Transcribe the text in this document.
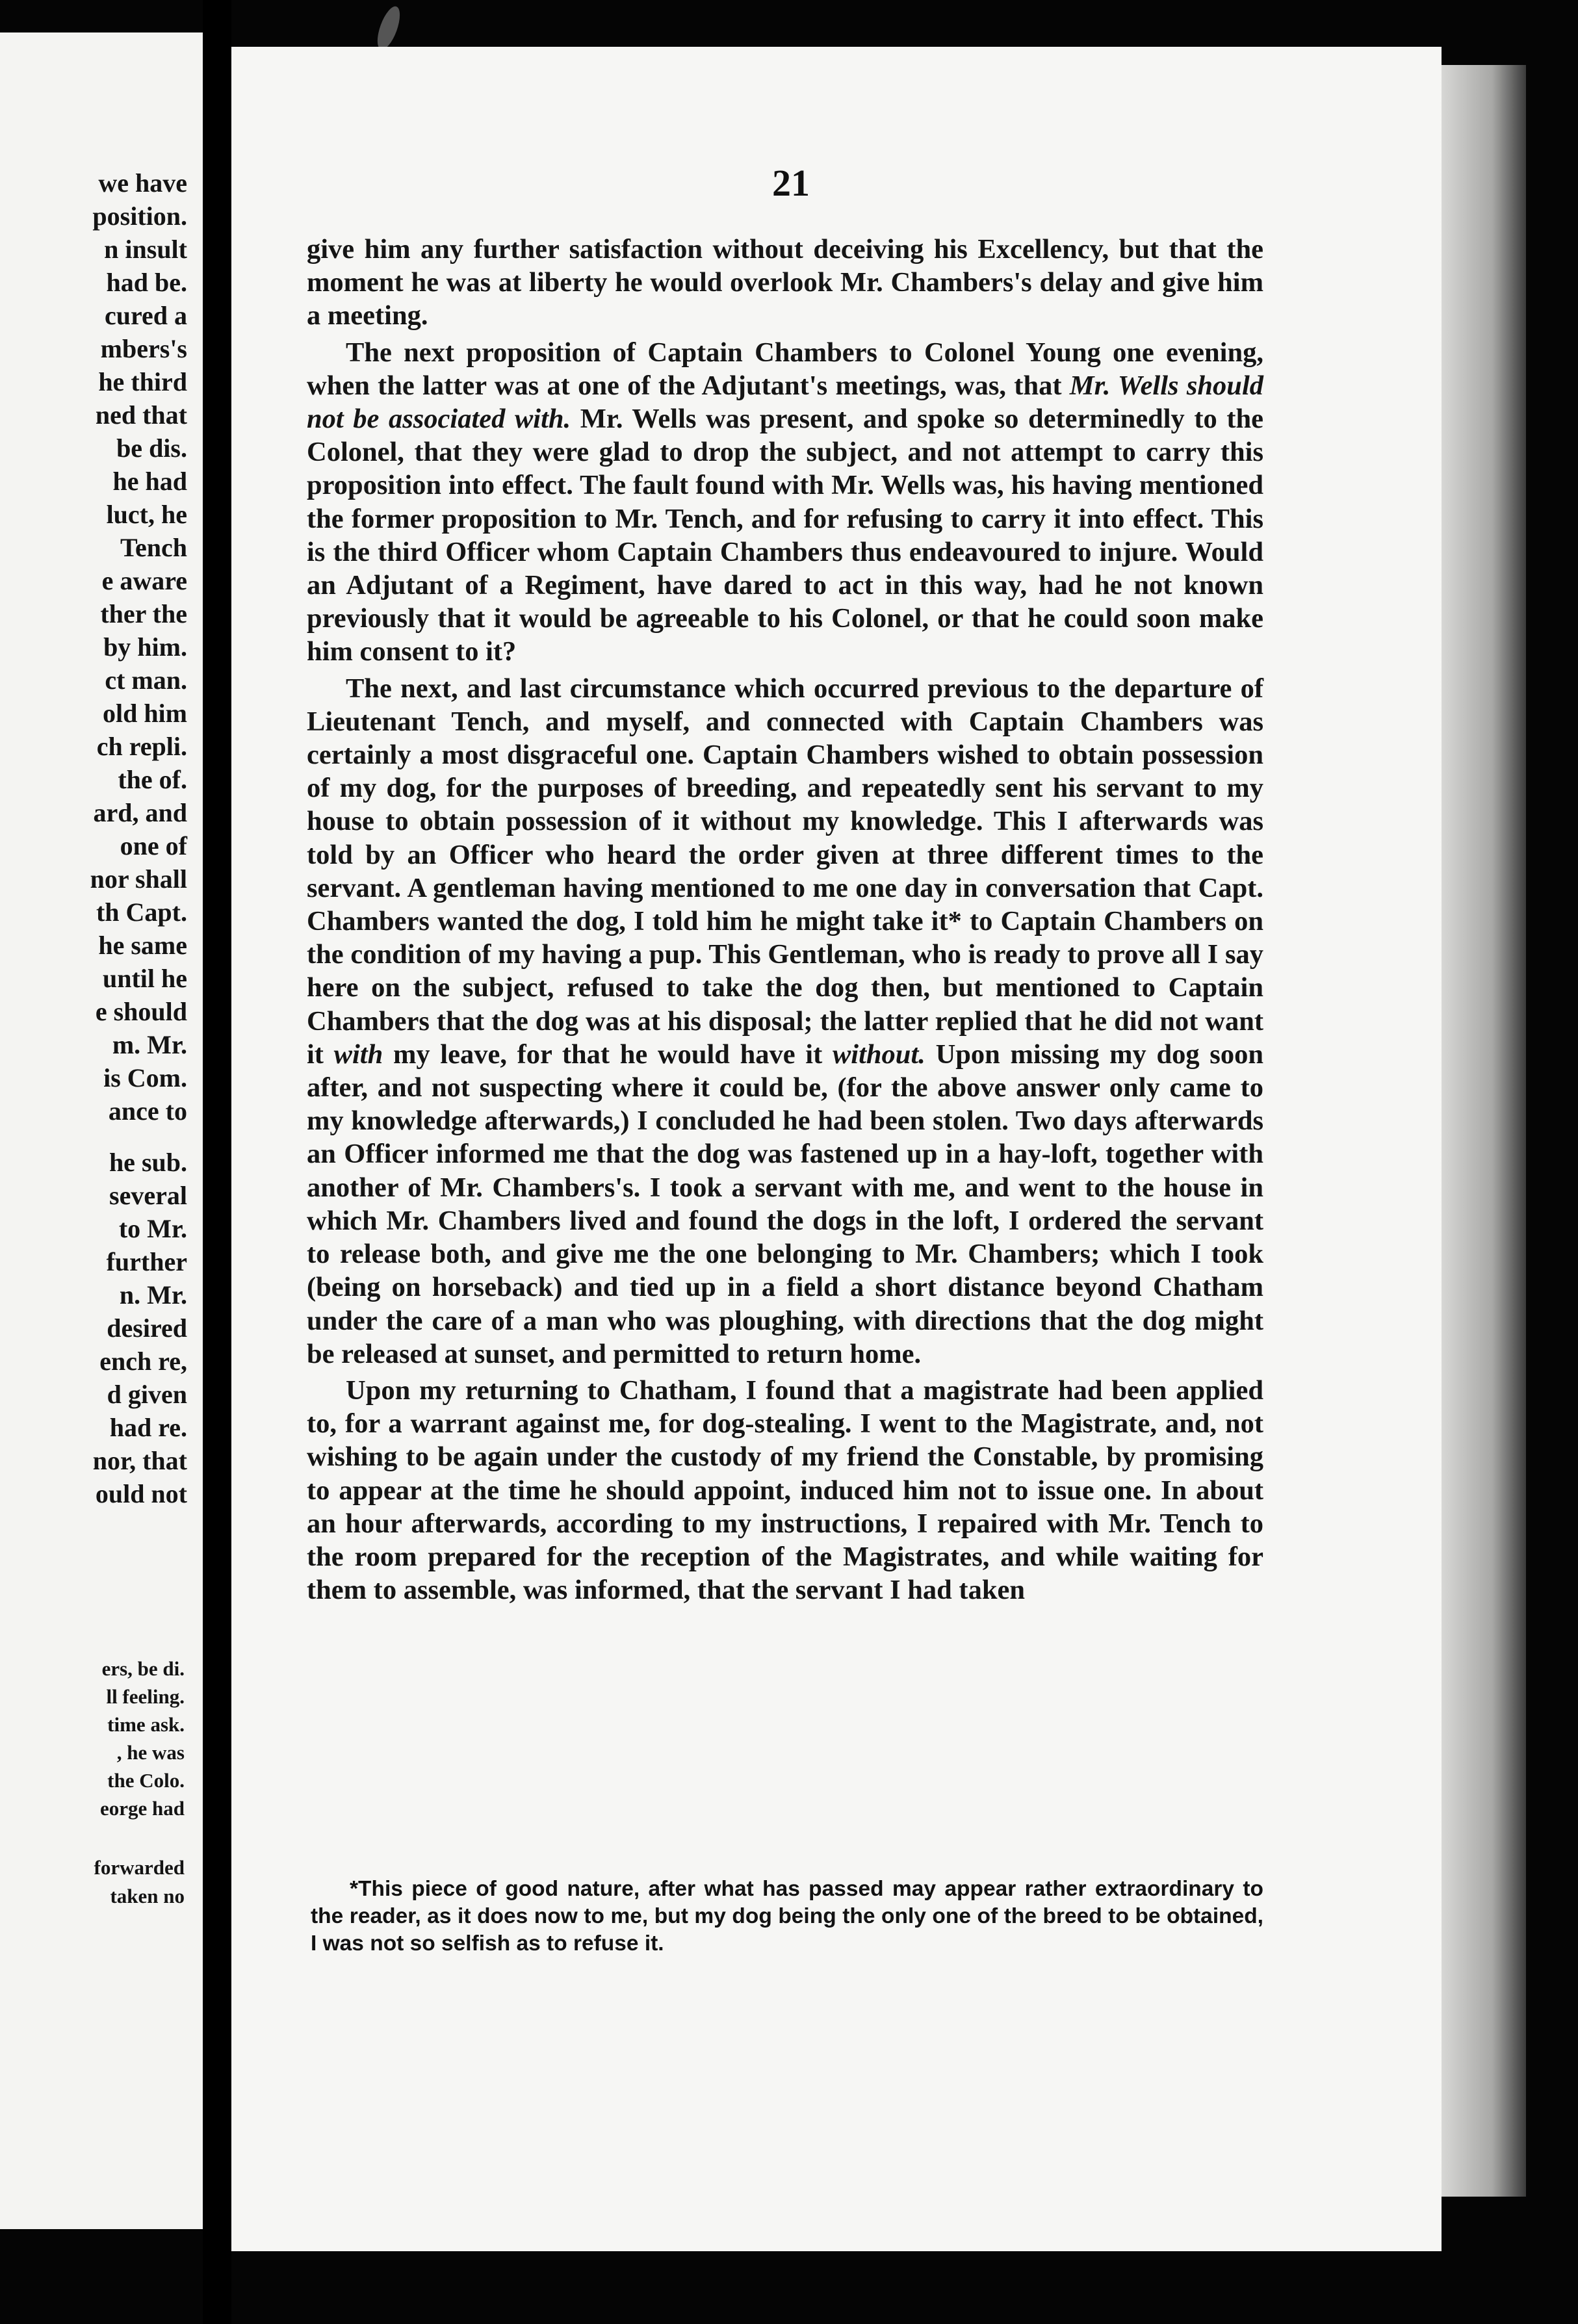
we have
position.
n insult
had be.
cured a
mbers's
he third
ned that
be dis.
he had
luct, he
Tench
e aware
ther the
by him.
ct man.
old him
ch repli.
the of.
ard, and
one of
nor shall
th Capt.
he same
until he
e should
m. Mr.
is Com.
ance to
he sub.
several
to Mr.
further
n. Mr.
desired
ench re,
d given
had re.
nor, that
ould not
ers, be di.
ll feeling.
time ask.
, he was
the Colo.
eorge had
forwarded
taken no
21

give him any further satisfaction without deceiving his Excellency, but that the moment he was at liberty he would overlook Mr. Chambers's delay and give him a meeting.

The next proposition of Captain Chambers to Colonel Young one evening, when the latter was at one of the Adjutant's meetings, was, that Mr. Wells should not be associated with. Mr. Wells was present, and spoke so determinedly to the Colonel, that they were glad to drop the subject, and not attempt to carry this proposition into effect. The fault found with Mr. Wells was, his having mentioned the former proposition to Mr. Tench, and for refusing to carry it into effect. This is the third Officer whom Captain Chambers thus endeavoured to injure. Would an Adjutant of a Regiment, have dared to act in this way, had he not known previously that it would be agreeable to his Colonel, or that he could soon make him consent to it?

The next, and last circumstance which occurred previous to the departure of Lieutenant Tench, and myself, and connected with Captain Chambers was certainly a most disgraceful one. Captain Chambers wished to obtain possession of my dog, for the purposes of breeding, and repeatedly sent his servant to my house to obtain possession of it without my knowledge. This I afterwards was told by an Officer who heard the order given at three different times to the servant. A gentleman having mentioned to me one day in conversation that Capt. Chambers wanted the dog, I told him he might take it* to Captain Chambers on the condition of my having a pup. This Gentleman, who is ready to prove all I say here on the subject, refused to take the dog then, but mentioned to Captain Chambers that the dog was at his disposal; the latter replied that he did not want it with my leave, for that he would have it without. Upon missing my dog soon after, and not suspecting where it could be, (for the above answer only came to my knowledge afterwards,) I concluded he had been stolen. Two days afterwards an Officer informed me that the dog was fastened up in a hay-loft, together with another of Mr. Chambers's. I took a servant with me, and went to the house in which Mr. Chambers lived and found the dogs in the loft, I ordered the servant to release both, and give me the one belonging to Mr. Chambers; which I took (being on horseback) and tied up in a field a short distance beyond Chatham under the care of a man who was ploughing, with directions that the dog might be released at sunset, and permitted to return home.

Upon my returning to Chatham, I found that a magistrate had been applied to, for a warrant against me, for dog-stealing. I went to the Magistrate, and, not wishing to be again under the custody of my friend the Constable, by promising to appear at the time he should appoint, induced him not to issue one. In about an hour afterwards, according to my instructions, I repaired with Mr. Tench to the room prepared for the reception of the Magistrates, and while waiting for them to assemble, was informed, that the servant I had taken

*This piece of good nature, after what has passed may appear rather extraordinary to the reader, as it does now to me, but my dog being the only one of the breed to be obtained, I was not so selfish as to refuse it.
